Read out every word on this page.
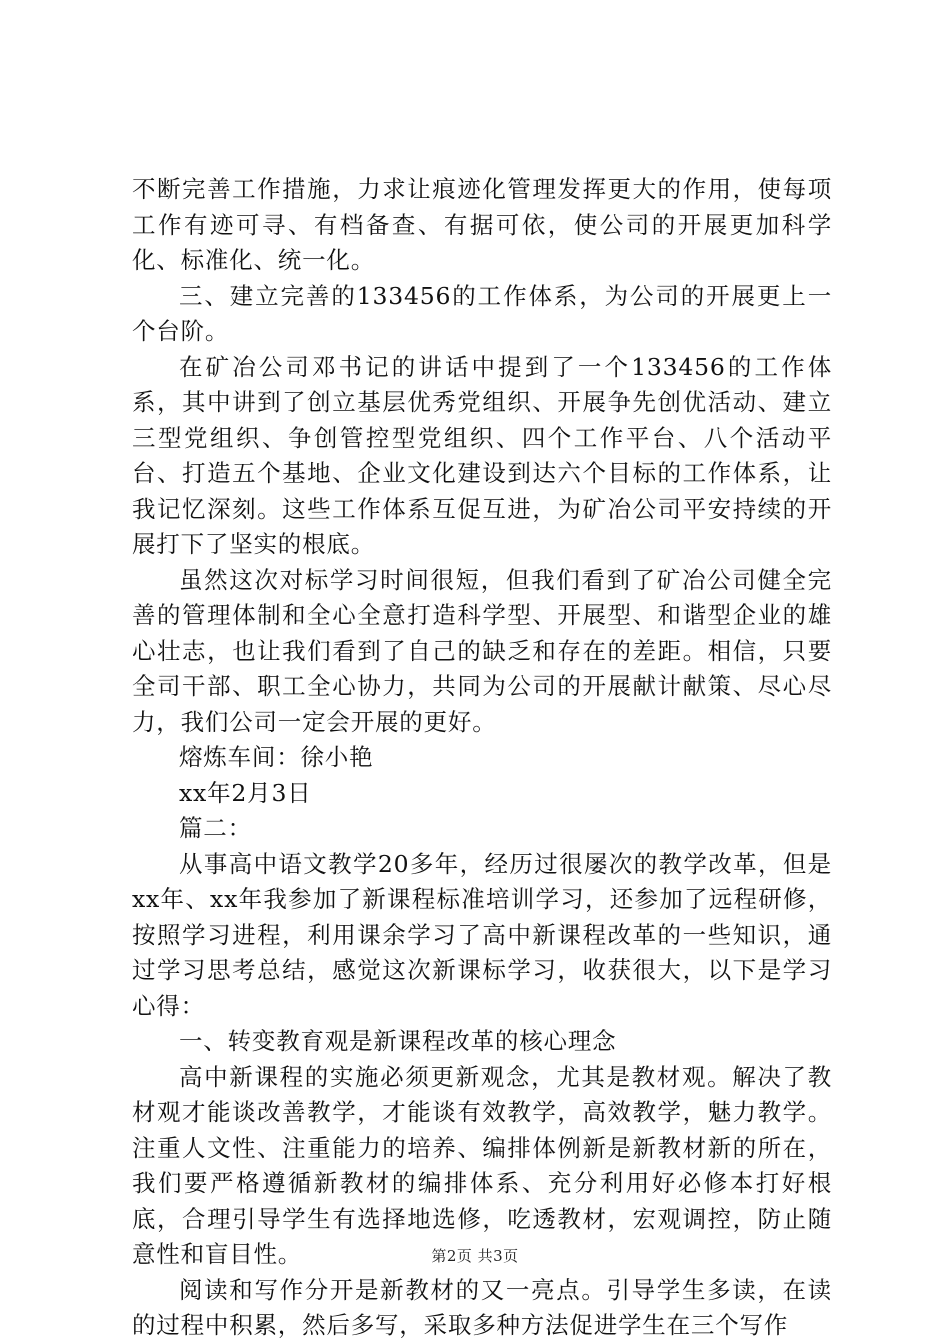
不断完善工作措施，力求让痕迹化管理发挥更大的作用，使每项工作有迹可寻、有档备查、有据可依，使公司的开展更加科学化、标准化、统一化。

三、建立完善的133456的工作体系，为公司的开展更上一个台阶。

在矿冶公司邓书记的讲话中提到了一个133456的工作体系，其中讲到了创立基层优秀党组织、开展争先创优活动、建立三型党组织、争创管控型党组织、四个工作平台、八个活动平台、打造五个基地、企业文化建设到达六个目标的工作体系，让我记忆深刻。这些工作体系互促互进，为矿冶公司平安持续的开展打下了坚实的根底。

虽然这次对标学习时间很短，但我们看到了矿冶公司健全完善的管理体制和全心全意打造科学型、开展型、和谐型企业的雄心壮志，也让我们看到了自己的缺乏和存在的差距。相信，只要全司干部、职工全心协力，共同为公司的开展献计献策、尽心尽力，我们公司一定会开展的更好。

熔炼车间：徐小艳

xx年2月3日

篇二：

从事高中语文教学20多年，经历过很屡次的教学改革，但是xx年、xx年我参加了新课程标准培训学习，还参加了远程研修，按照学习进程，利用课余学习了高中新课程改革的一些知识，通过学习思考总结，感觉这次新课标学习，收获很大，以下是学习心得：

一、转变教育观是新课程改革的核心理念

高中新课程的实施必须更新观念，尤其是教材观。解决了教材观才能谈改善教学，才能谈有效教学，高效教学，魅力教学。注重人文性、注重能力的培养、编排体例新是新教材新的所在，我们要严格遵循新教材的编排体系、充分利用好必修本打好根底，合理引导学生有选择地选修，吃透教材，宏观调控，防止随意性和盲目性。

阅读和写作分开是新教材的又一亮点。引导学生多读，在读的过程中积累，然后多写，采取多种方法促进学生在三个写作

第2页 共3页
